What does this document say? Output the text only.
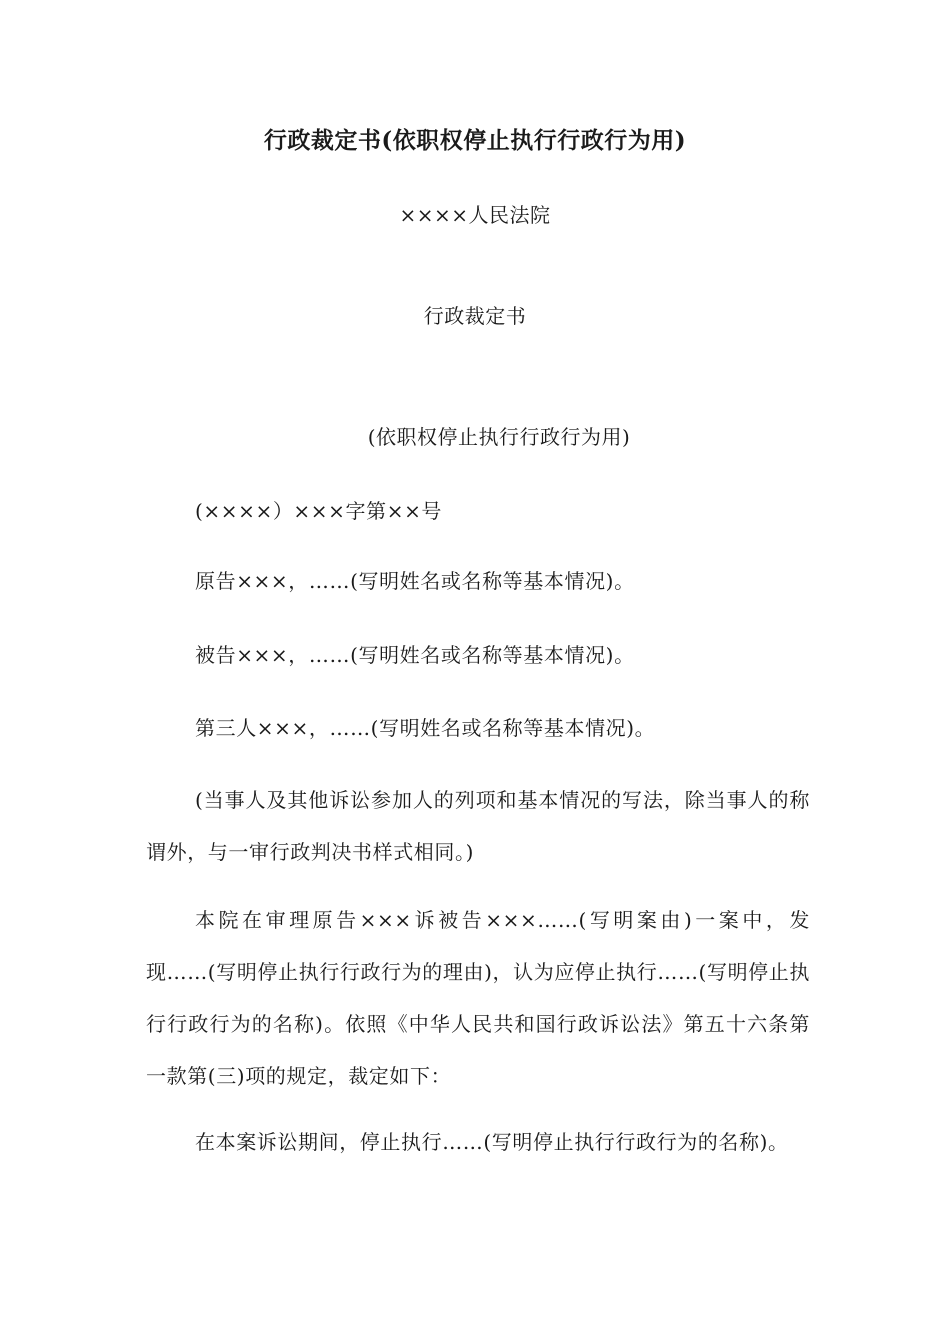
行政裁定书(依职权停止执行行政行为用)
××××人民法院
行政裁定书
(依职权停止执行行政行为用)

(××××）×××字第××号

原告×××，……(写明姓名或名称等基本情况)。

被告×××，……(写明姓名或名称等基本情况)。

第三人×××，……(写明姓名或名称等基本情况)。

(当事人及其他诉讼参加人的列项和基本情况的写法，除当事人的称谓外，与一审行政判决书样式相同。)

本院在审理原告×××诉被告×××……(写明案由)一案中，发现……(写明停止执行行政行为的理由)，认为应停止执行……(写明停止执行行政行为的名称)。依照《中华人民共和国行政诉讼法》第五十六条第一款第(三)项的规定，裁定如下：

在本案诉讼期间，停止执行……(写明停止执行行政行为的名称)。
